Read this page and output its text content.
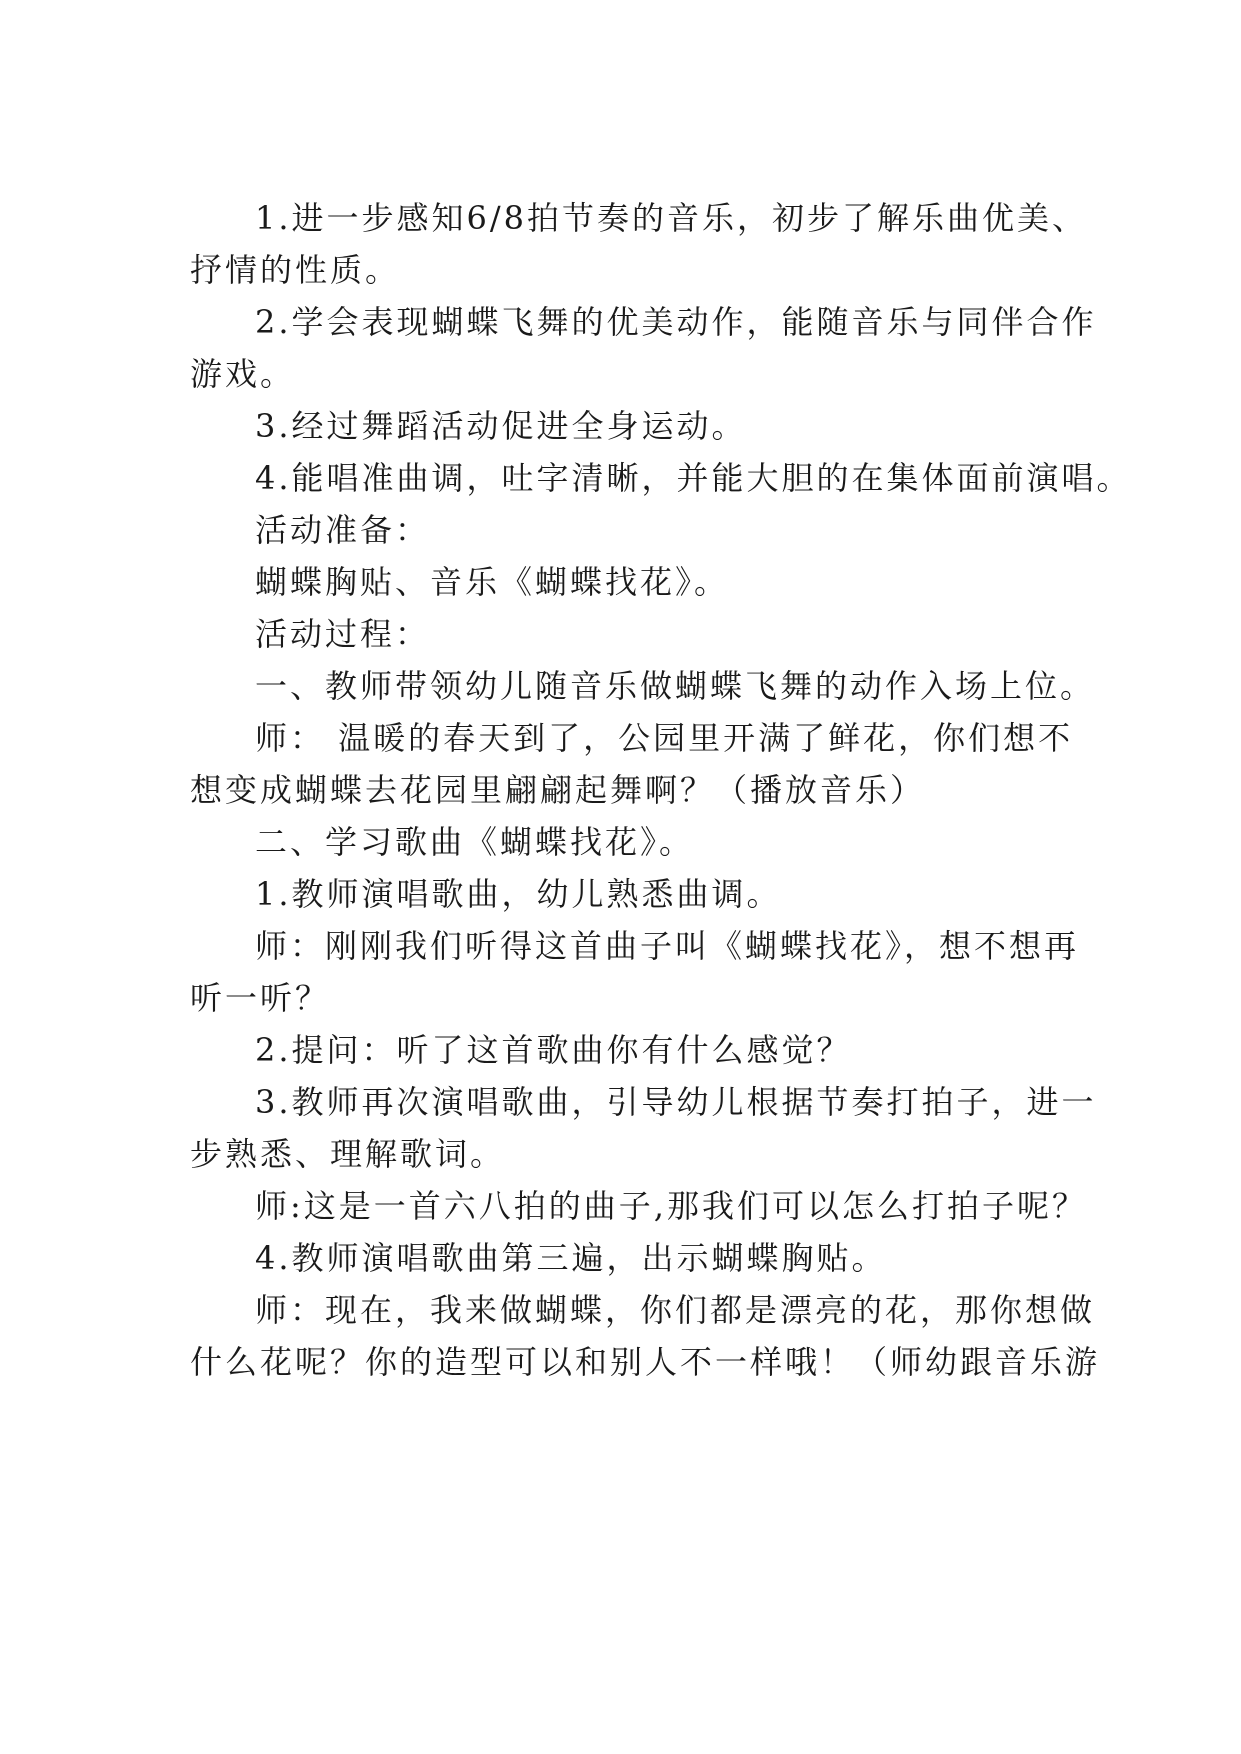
1.进一步感知6/8拍节奏的音乐，初步了解乐曲优美、
抒情的性质。
2.学会表现蝴蝶飞舞的优美动作，能随音乐与同伴合作
游戏。
3.经过舞蹈活动促进全身运动。
4.能唱准曲调，吐字清晰，并能大胆的在集体面前演唱。
活动准备：
蝴蝶胸贴、音乐《蝴蝶找花》。
活动过程：
一、教师带领幼儿随音乐做蝴蝶飞舞的动作入场上位。
师： 温暖的春天到了，公园里开满了鲜花，你们想不
想变成蝴蝶去花园里翩翩起舞啊？（播放音乐）
二、学习歌曲《蝴蝶找花》。
1.教师演唱歌曲，幼儿熟悉曲调。
师：刚刚我们听得这首曲子叫《蝴蝶找花》，想不想再
听一听？
2.提问：听了这首歌曲你有什么感觉？
3.教师再次演唱歌曲，引导幼儿根据节奏打拍子，进一
步熟悉、理解歌词。
师:这是一首六八拍的曲子,那我们可以怎么打拍子呢？
4.教师演唱歌曲第三遍，出示蝴蝶胸贴。
师：现在，我来做蝴蝶，你们都是漂亮的花，那你想做
什么花呢？你的造型可以和别人不一样哦！（师幼跟音乐游
